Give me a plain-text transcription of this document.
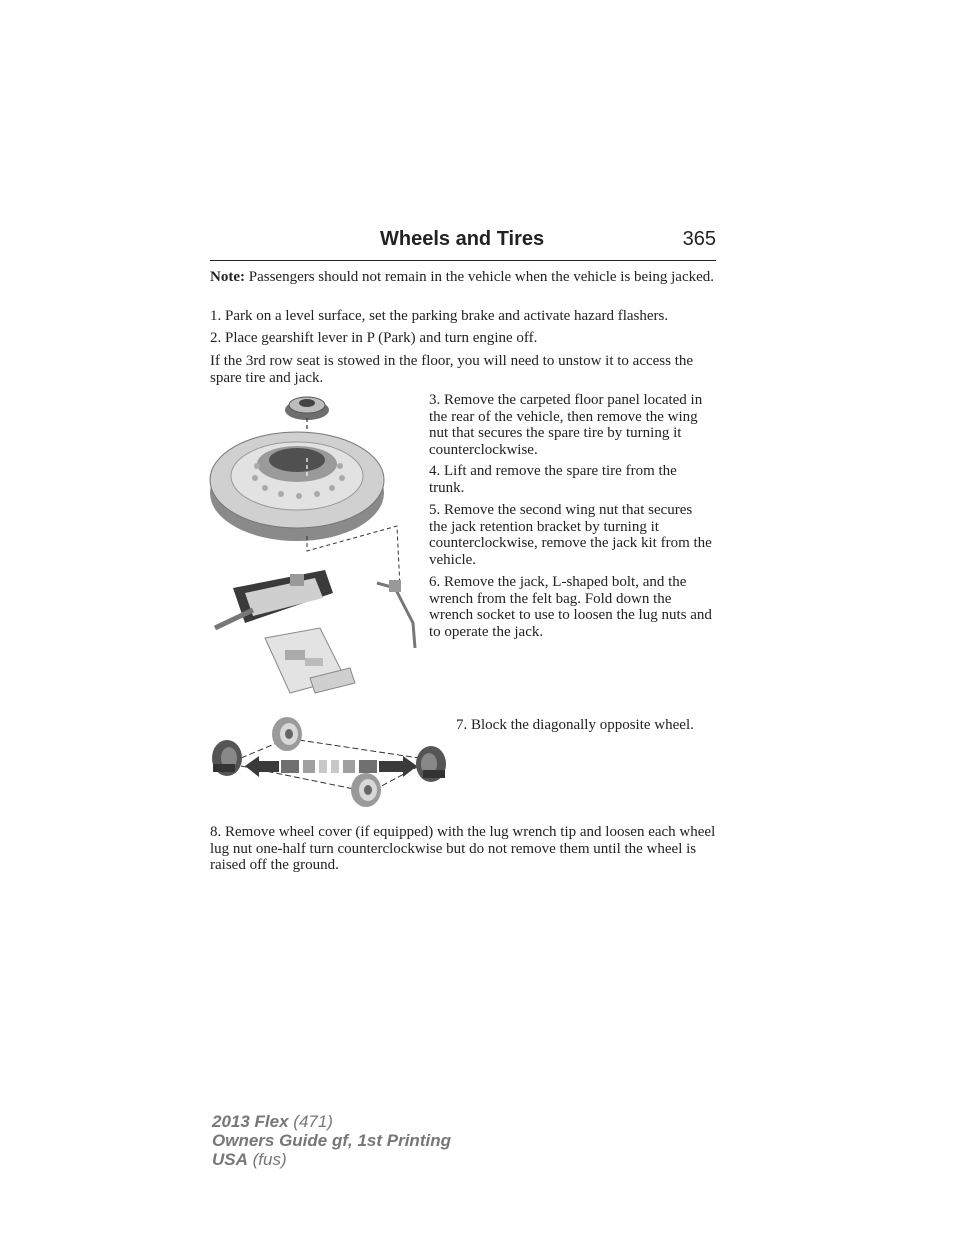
Wheels and Tires	365
Note: Passengers should not remain in the vehicle when the vehicle is being jacked.
1. Park on a level surface, set the parking brake and activate hazard flashers.
2. Place gearshift lever in P (Park) and turn engine off.
If the 3rd row seat is stowed in the floor, you will need to unstow it to access the spare tire and jack.
3. Remove the carpeted floor panel located in the rear of the vehicle, then remove the wing nut that secures the spare tire by turning it counterclockwise.
4. Lift and remove the spare tire from the trunk.
5. Remove the second wing nut that secures the jack retention bracket by turning it counterclockwise, remove the jack kit from the vehicle.
6. Remove the jack, L-shaped bolt, and the wrench from the felt bag. Fold down the wrench socket to use to loosen the lug nuts and to operate the jack.
7. Block the diagonally opposite wheel.
8. Remove wheel cover (if equipped) with the lug wrench tip and loosen each wheel lug nut one-half turn counterclockwise but do not remove them until the wheel is raised off the ground.
2013 Flex (471)
Owners Guide gf, 1st Printing
USA (fus)
